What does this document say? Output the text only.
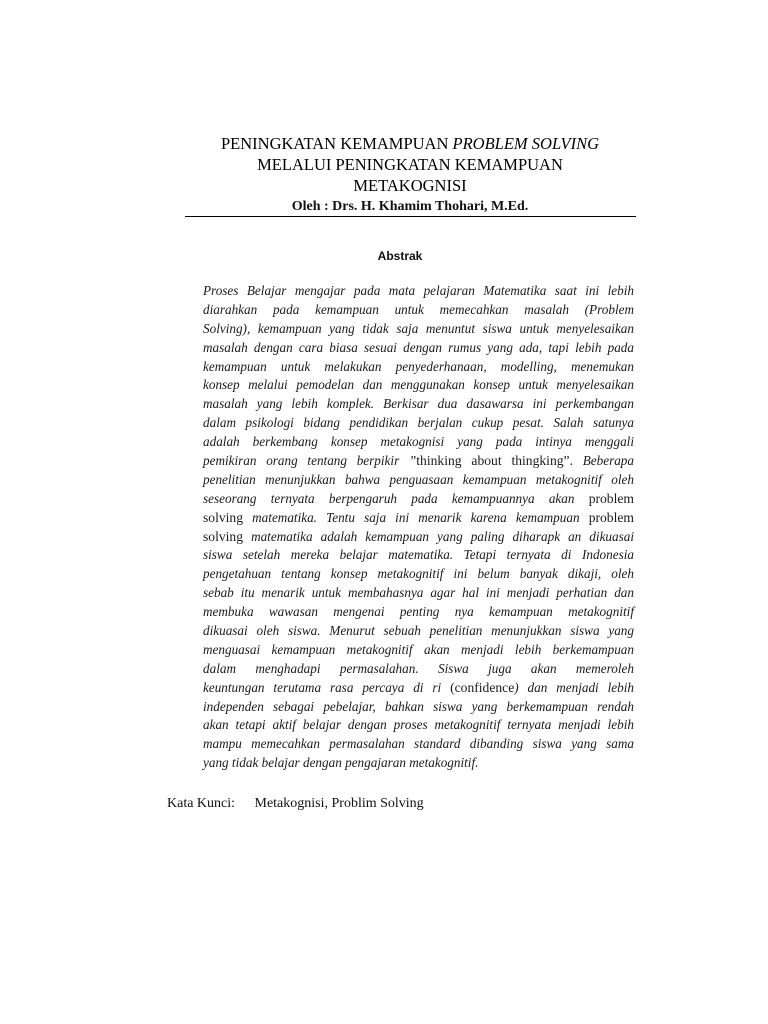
PENINGKATAN KEMAMPUAN PROBLEM SOLVING
MELALUI PENINGKATAN KEMAMPUAN
METAKOGNISI
Oleh : Drs. H. Khamim Thohari, M.Ed.
Abstrak
Proses Belajar mengajar pada mata pelajaran Matematika saat ini lebih
diarahkan pada kemampuan untuk memecahkan masalah (Problem
Solving), kemampuan yang tidak saja menuntut siswa untuk menyelesaikan
masalah dengan cara biasa sesuai dengan rumus yang ada, tapi lebih pada
kemampuan untuk melakukan penyederhanaan, modelling, menemukan
konsep melalui pemodelan dan menggunakan konsep untuk menyelesaikan
masalah yang lebih komplek. Berkisar dua dasawarsa ini perkembangan
dalam psikologi bidang pendidikan berjalan cukup pesat. Salah satunya
adalah berkembang konsep metakognisi yang pada intinya menggali
pemikiran orang tentang berpikir ”thinking about thingking”. Beberapa
penelitian menunjukkan bahwa penguasaan kemampuan metakognitif oleh
seseorang ternyata berpengaruh pada kemampuannya akan problem
solving matematika. Tentu saja ini menarik karena kemampuan problem
solving matematika adalah kemampuan yang paling diharapk an dikuasai
siswa setelah mereka belajar matematika. Tetapi ternyata di Indonesia
pengetahuan tentang konsep metakognitif ini belum banyak dikaji, oleh
sebab itu menarik untuk membahasnya agar hal ini menjadi perhatian dan
membuka wawasan mengenai penting nya kemampuan metakognitif
dikuasai oleh siswa. Menurut sebuah penelitian menunjukkan siswa yang
menguasai kemampuan metakognitif akan menjadi lebih berkemampuan
dalam menghadapi permasalahan. Siswa juga akan memeroleh
keuntungan terutama rasa percaya di ri (confidence) dan menjadi lebih
independen sebagai pebelajar, bahkan siswa yang berkemampuan rendah
akan tetapi aktif belajar dengan proses metakognitif ternyata menjadi lebih
mampu memecahkan permasalahan standard dibanding siswa yang sama
yang tidak belajar dengan pengajaran metakognitif.
Kata Kunci: Metakognisi, Problim Solving
